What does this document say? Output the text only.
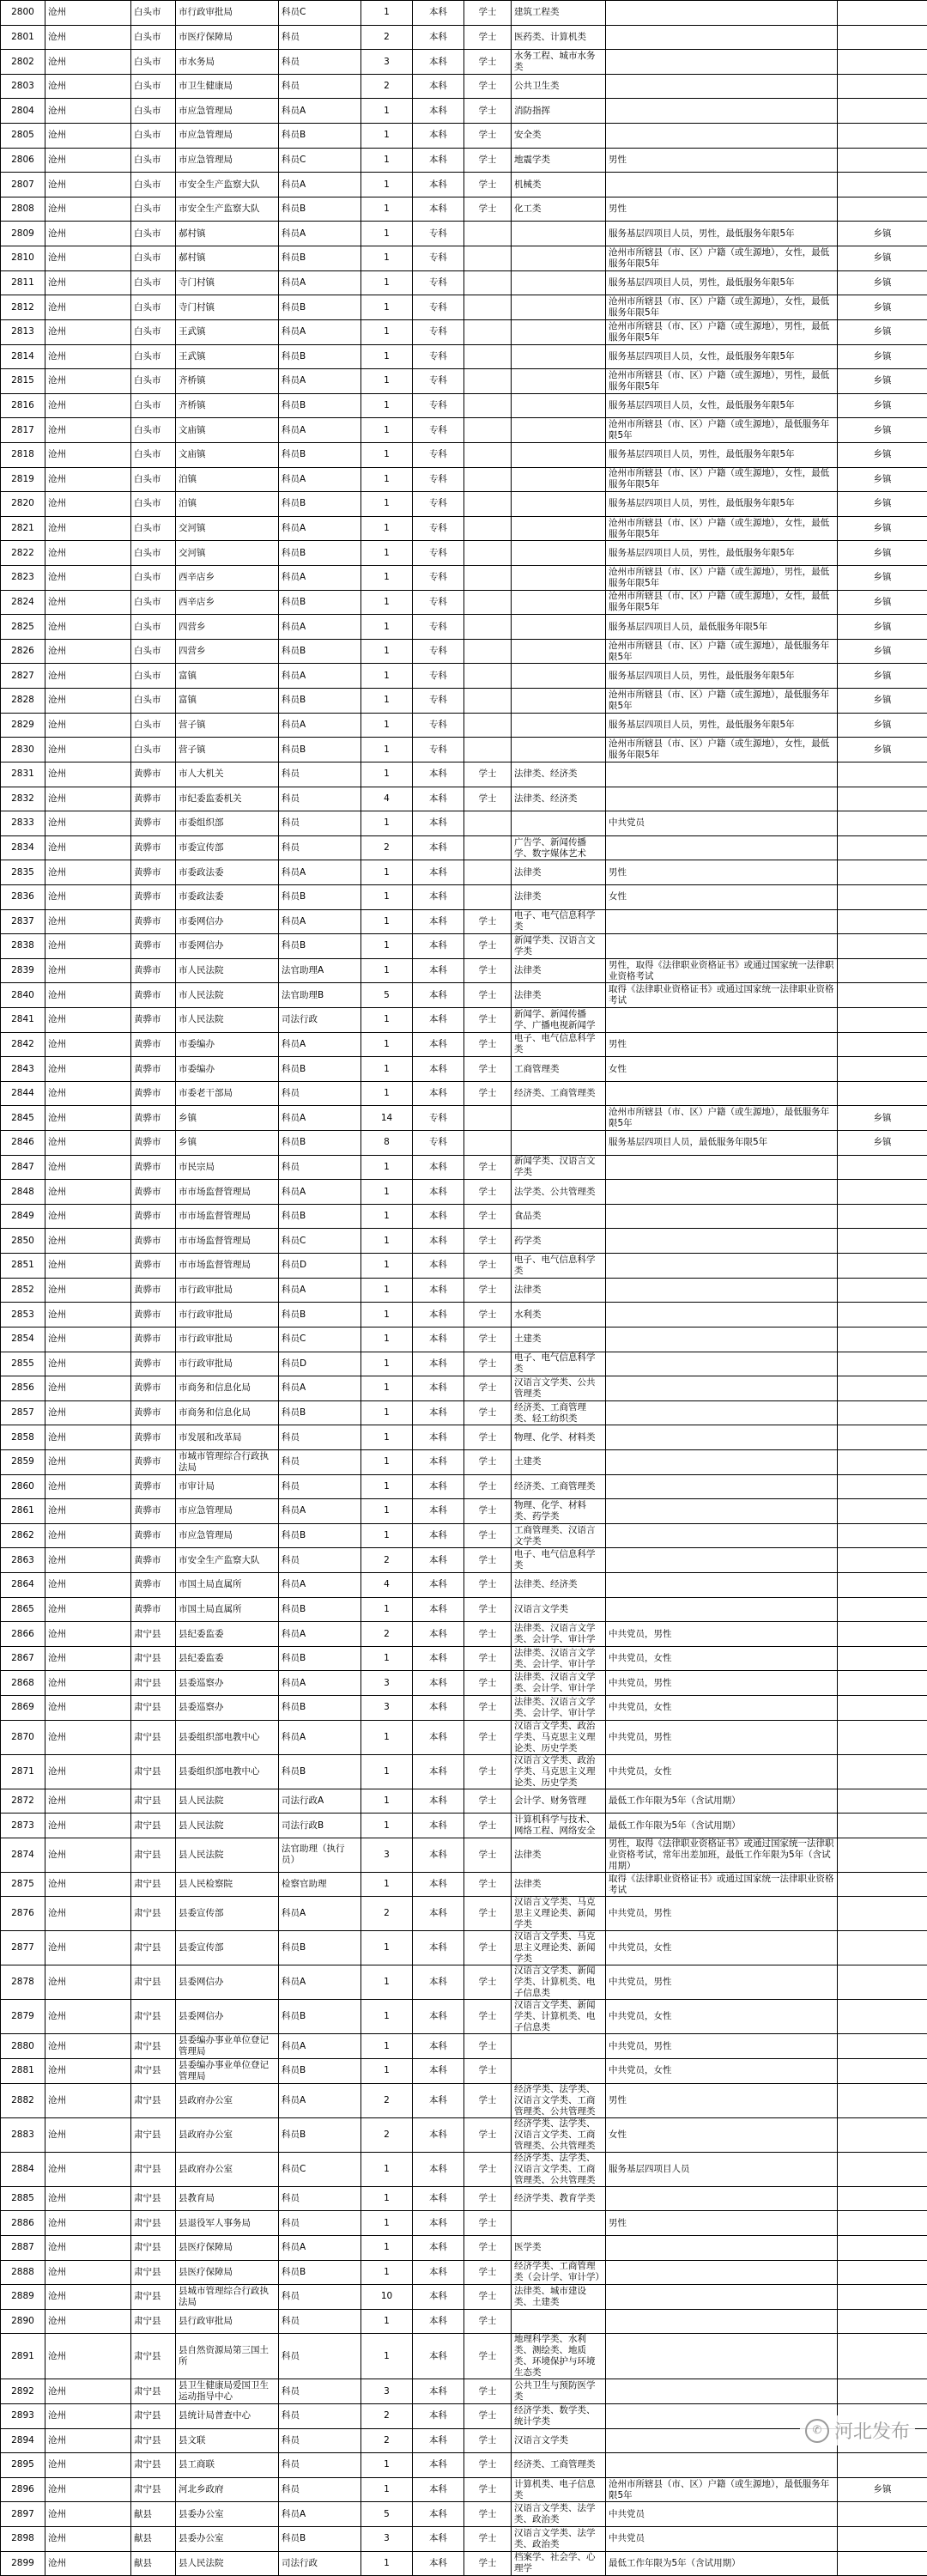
2800	沧州	白头市	市行政审批局	科员C	1	本科	学士	建筑工程类		
2801	沧州	白头市	市医疗保障局	科员	2	本科	学士	医药类、计算机类		
2802	沧州	白头市	市水务局	科员	3	本科	学士	水务工程、城市水务类		
2803	沧州	白头市	市卫生健康局	科员	2	本科	学士	公共卫生类		
2804	沧州	白头市	市应急管理局	科员A	1	本科	学士	消防指挥		
2805	沧州	白头市	市应急管理局	科员B	1	本科	学士	安全类		
2806	沧州	白头市	市应急管理局	科员C	1	本科	学士	地震学类	男性	
2807	沧州	白头市	市安全生产监察大队	科员A	1	本科	学士	机械类		
2808	沧州	白头市	市安全生产监察大队	科员B	1	本科	学士	化工类	男性	
2809	沧州	白头市	郝村镇	科员A	1	专科			服务基层四项目人员，男性，最低服务年限5年	乡镇
2810	沧州	白头市	郝村镇	科员B	1	专科			沧州市所辖县（市、区）户籍（或生源地），女性，最低服务年限5年	乡镇
2811	沧州	白头市	寺门村镇	科员A	1	专科			服务基层四项目人员，男性，最低服务年限5年	乡镇
2812	沧州	白头市	寺门村镇	科员B	1	专科			沧州市所辖县（市、区）户籍（或生源地），女性，最低服务年限5年	乡镇
2813	沧州	白头市	王武镇	科员A	1	专科			沧州市所辖县（市、区）户籍（或生源地），男性，最低服务年限5年	乡镇
2814	沧州	白头市	王武镇	科员B	1	专科			服务基层四项目人员，女性，最低服务年限5年	乡镇
2815	沧州	白头市	齐桥镇	科员A	1	专科			沧州市所辖县（市、区）户籍（或生源地），男性，最低服务年限5年	乡镇
2816	沧州	白头市	齐桥镇	科员B	1	专科			服务基层四项目人员，女性，最低服务年限5年	乡镇
2817	沧州	白头市	文庙镇	科员A	1	专科			沧州市所辖县（市、区）户籍（或生源地），最低服务年限5年	乡镇
2818	沧州	白头市	文庙镇	科员B	1	专科			服务基层四项目人员，男性，最低服务年限5年	乡镇
2819	沧州	白头市	泊镇	科员A	1	专科			沧州市所辖县（市、区）户籍（或生源地），女性，最低服务年限5年	乡镇
2820	沧州	白头市	泊镇	科员B	1	专科			服务基层四项目人员，男性，最低服务年限5年	乡镇
2821	沧州	白头市	交河镇	科员A	1	专科			沧州市所辖县（市、区）户籍（或生源地），女性，最低服务年限5年	乡镇
2822	沧州	白头市	交河镇	科员B	1	专科			服务基层四项目人员，男性，最低服务年限5年	乡镇
2823	沧州	白头市	西辛店乡	科员A	1	专科			沧州市所辖县（市、区）户籍（或生源地），男性，最低服务年限5年	乡镇
2824	沧州	白头市	西辛店乡	科员B	1	专科			沧州市所辖县（市、区）户籍（或生源地），女性，最低服务年限5年	乡镇
2825	沧州	白头市	四营乡	科员A	1	专科			服务基层四项目人员，最低服务年限5年	乡镇
2826	沧州	白头市	四营乡	科员B	1	专科			沧州市所辖县（市、区）户籍（或生源地），最低服务年限5年	乡镇
2827	沧州	白头市	富镇	科员A	1	专科			服务基层四项目人员，男性，最低服务年限5年	乡镇
2828	沧州	白头市	富镇	科员B	1	专科			沧州市所辖县（市、区）户籍（或生源地），最低服务年限5年	乡镇
2829	沧州	白头市	营子镇	科员A	1	专科			服务基层四项目人员，男性，最低服务年限5年	乡镇
2830	沧州	白头市	营子镇	科员B	1	专科			沧州市所辖县（市、区）户籍（或生源地），女性，最低服务年限5年	乡镇
2831	沧州	黄骅市	市人大机关	科员	1	本科	学士	法律类、经济类		
2832	沧州	黄骅市	市纪委监委机关	科员	4	本科	学士	法律类、经济类		
2833	沧州	黄骅市	市委组织部	科员	1	本科			中共党员	
2834	沧州	黄骅市	市委宣传部	科员	2	本科		广告学、新闻传播学、数字媒体艺术		
2835	沧州	黄骅市	市委政法委	科员A	1	本科		法律类	男性	
2836	沧州	黄骅市	市委政法委	科员B	1	本科		法律类	女性	
2837	沧州	黄骅市	市委网信办	科员A	1	本科	学士	电子、电气信息科学类		
2838	沧州	黄骅市	市委网信办	科员B	1	本科	学士	新闻学类、汉语言文学类		
2839	沧州	黄骅市	市人民法院	法官助理A	1	本科	学士	法律类	男性，取得《法律职业资格证书》或通过国家统一法律职业资格考试	
2840	沧州	黄骅市	市人民法院	法官助理B	5	本科	学士	法律类	取得《法律职业资格证书》或通过国家统一法律职业资格考试	
2841	沧州	黄骅市	市人民法院	司法行政	1	本科	学士	新闻学、新闻传播学、广播电视新闻学		
2842	沧州	黄骅市	市委编办	科员A	1	本科	学士	电子、电气信息科学类	男性	
2843	沧州	黄骅市	市委编办	科员B	1	本科	学士	工商管理类	女性	
2844	沧州	黄骅市	市委老干部局	科员	1	本科	学士	经济类、工商管理类		
2845	沧州	黄骅市	乡镇	科员A	14	专科			沧州市所辖县（市、区）户籍（或生源地），最低服务年限5年	乡镇
2846	沧州	黄骅市	乡镇	科员B	8	专科			服务基层四项目人员，最低服务年限5年	乡镇
2847	沧州	黄骅市	市民宗局	科员	1	本科	学士	新闻学类、汉语言文学类		
2848	沧州	黄骅市	市市场监督管理局	科员A	1	本科	学士	法学类、公共管理类		
2849	沧州	黄骅市	市市场监督管理局	科员B	1	本科	学士	食品类		
2850	沧州	黄骅市	市市场监督管理局	科员C	1	本科	学士	药学类		
2851	沧州	黄骅市	市市场监督管理局	科员D	1	本科	学士	电子、电气信息科学类		
2852	沧州	黄骅市	市行政审批局	科员A	1	本科	学士	法律类		
2853	沧州	黄骅市	市行政审批局	科员B	1	本科	学士	水利类		
2854	沧州	黄骅市	市行政审批局	科员C	1	本科	学士	土建类		
2855	沧州	黄骅市	市行政审批局	科员D	1	本科	学士	电子、电气信息科学类		
2856	沧州	黄骅市	市商务和信息化局	科员A	1	本科	学士	汉语言文学类、公共管理类		
2857	沧州	黄骅市	市商务和信息化局	科员B	1	本科	学士	经济类、工商管理类、轻工纺织类		
2858	沧州	黄骅市	市发展和改革局	科员	1	本科	学士	物理、化学、材料类		
2859	沧州	黄骅市	市城市管理综合行政执法局	科员	1	本科	学士	土建类		
2860	沧州	黄骅市	市审计局	科员	1	本科	学士	经济类、工商管理类		
2861	沧州	黄骅市	市应急管理局	科员A	1	本科	学士	物理、化学、材料类、药学类		
2862	沧州	黄骅市	市应急管理局	科员B	1	本科	学士	工商管理类、汉语言文学类		
2863	沧州	黄骅市	市安全生产监察大队	科员	2	本科	学士	电子、电气信息科学类		
2864	沧州	黄骅市	市国土局直属所	科员A	4	本科	学士	法律类、经济类		
2865	沧州	黄骅市	市国土局直属所	科员B	1	本科	学士	汉语言文学类		
2866	沧州	肃宁县	县纪委监委	科员A	2	本科	学士	法律类、汉语言文学类、会计学、审计学	中共党员，男性	
2867	沧州	肃宁县	县纪委监委	科员B	1	本科	学士	法律类、汉语言文学类、会计学、审计学	中共党员，女性	
2868	沧州	肃宁县	县委巡察办	科员A	3	本科	学士	法律类、汉语言文学类、会计学、审计学	中共党员，男性	
2869	沧州	肃宁县	县委巡察办	科员B	3	本科	学士	法律类、汉语言文学类、会计学、审计学	中共党员，女性	
2870	沧州	肃宁县	县委组织部电教中心	科员A	1	本科	学士	汉语言文学类、政治学类、马克思主义理论类、历史学类	中共党员，男性	
2871	沧州	肃宁县	县委组织部电教中心	科员B	1	本科	学士	汉语言文学类、政治学类、马克思主义理论类、历史学类	中共党员，女性	
2872	沧州	肃宁县	县人民法院	司法行政A	1	本科	学士	会计学、财务管理	最低工作年限为5年（含试用期）	
2873	沧州	肃宁县	县人民法院	司法行政B	1	本科	学士	计算机科学与技术、网络工程、网络安全	最低工作年限为5年（含试用期）	
2874	沧州	肃宁县	县人民法院	法官助理（执行员）	3	本科	学士	法律类	男性，取得《法律职业资格证书》或通过国家统一法律职业资格考试，常年出差加班，最低工作年限为5年（含试用期）	
2875	沧州	肃宁县	县人民检察院	检察官助理	1	本科	学士	法律类	取得《法律职业资格证书》或通过国家统一法律职业资格考试	
2876	沧州	肃宁县	县委宣传部	科员A	2	本科	学士	汉语言文学类、马克思主义理论类、新闻学类	中共党员，男性	
2877	沧州	肃宁县	县委宣传部	科员B	1	本科	学士	汉语言文学类、马克思主义理论类、新闻学类	中共党员，女性	
2878	沧州	肃宁县	县委网信办	科员A	1	本科	学士	汉语言文学类、新闻学类、计算机类、电子信息类	中共党员，男性	
2879	沧州	肃宁县	县委网信办	科员B	1	本科	学士	汉语言文学类、新闻学类、计算机类、电子信息类	中共党员，女性	
2880	沧州	肃宁县	县委编办事业单位登记管理局	科员A	1	本科	学士		中共党员，男性	
2881	沧州	肃宁县	县委编办事业单位登记管理局	科员B	1	本科	学士		中共党员，女性	
2882	沧州	肃宁县	县政府办公室	科员A	2	本科	学士	经济学类、法学类、汉语言文学类、工商管理类、公共管理类	男性	
2883	沧州	肃宁县	县政府办公室	科员B	2	本科	学士	经济学类、法学类、汉语言文学类、工商管理类、公共管理类	女性	
2884	沧州	肃宁县	县政府办公室	科员C	1	本科	学士	经济学类、法学类、汉语言文学类、工商管理类、公共管理类	服务基层四项目人员	
2885	沧州	肃宁县	县教育局	科员	1	本科	学士	经济学类、教育学类		
2886	沧州	肃宁县	县退役军人事务局	科员	1	本科	学士		男性	
2887	沧州	肃宁县	县医疗保障局	科员A	1	本科	学士	医学类		
2888	沧州	肃宁县	县医疗保障局	科员B	1	本科	学士	经济学类、工商管理类（会计学、审计学）		
2889	沧州	肃宁县	县城市管理综合行政执法局	科员	10	本科	学士	法律类、城市建设类、土建类		
2890	沧州	肃宁县	县行政审批局	科员	1	本科	学士			
2891	沧州	肃宁县	县自然资源局第三国土所	科员	1	本科	学士	地理科学类、水利类、测绘类、地质类、环境保护与环境生态类		
2892	沧州	肃宁县	县卫生健康局爱国卫生运动指导中心	科员	3	本科	学士	公共卫生与预防医学类		
2893	沧州	肃宁县	县统计局普查中心	科员	2	本科	学士	经济学类、数学类、统计学类		
2894	沧州	肃宁县	县文联	科员	2	本科	学士	汉语言文学类		
2895	沧州	肃宁县	县工商联	科员	1	本科	学士	经济类、工商管理类		
2896	沧州	肃宁县	河北乡政府	科员	1	本科	学士	计算机类、电子信息类	沧州市所辖县（市、区）户籍（或生源地），最低服务年限5年	乡镇
2897	沧州	献县	县委办公室	科员A	5	本科	学士	汉语言文学类、法学类、政治类	中共党员	
2898	沧州	献县	县委办公室	科员B	3	本科	学士	汉语言文学类、法学类、政治类	中共党员	
2899	沧州	献县	县人民法院	司法行政	1	本科	学士	档案学、社会学、心理学	最低工作年限为5年（含试用期）	
✆ 河北发布
